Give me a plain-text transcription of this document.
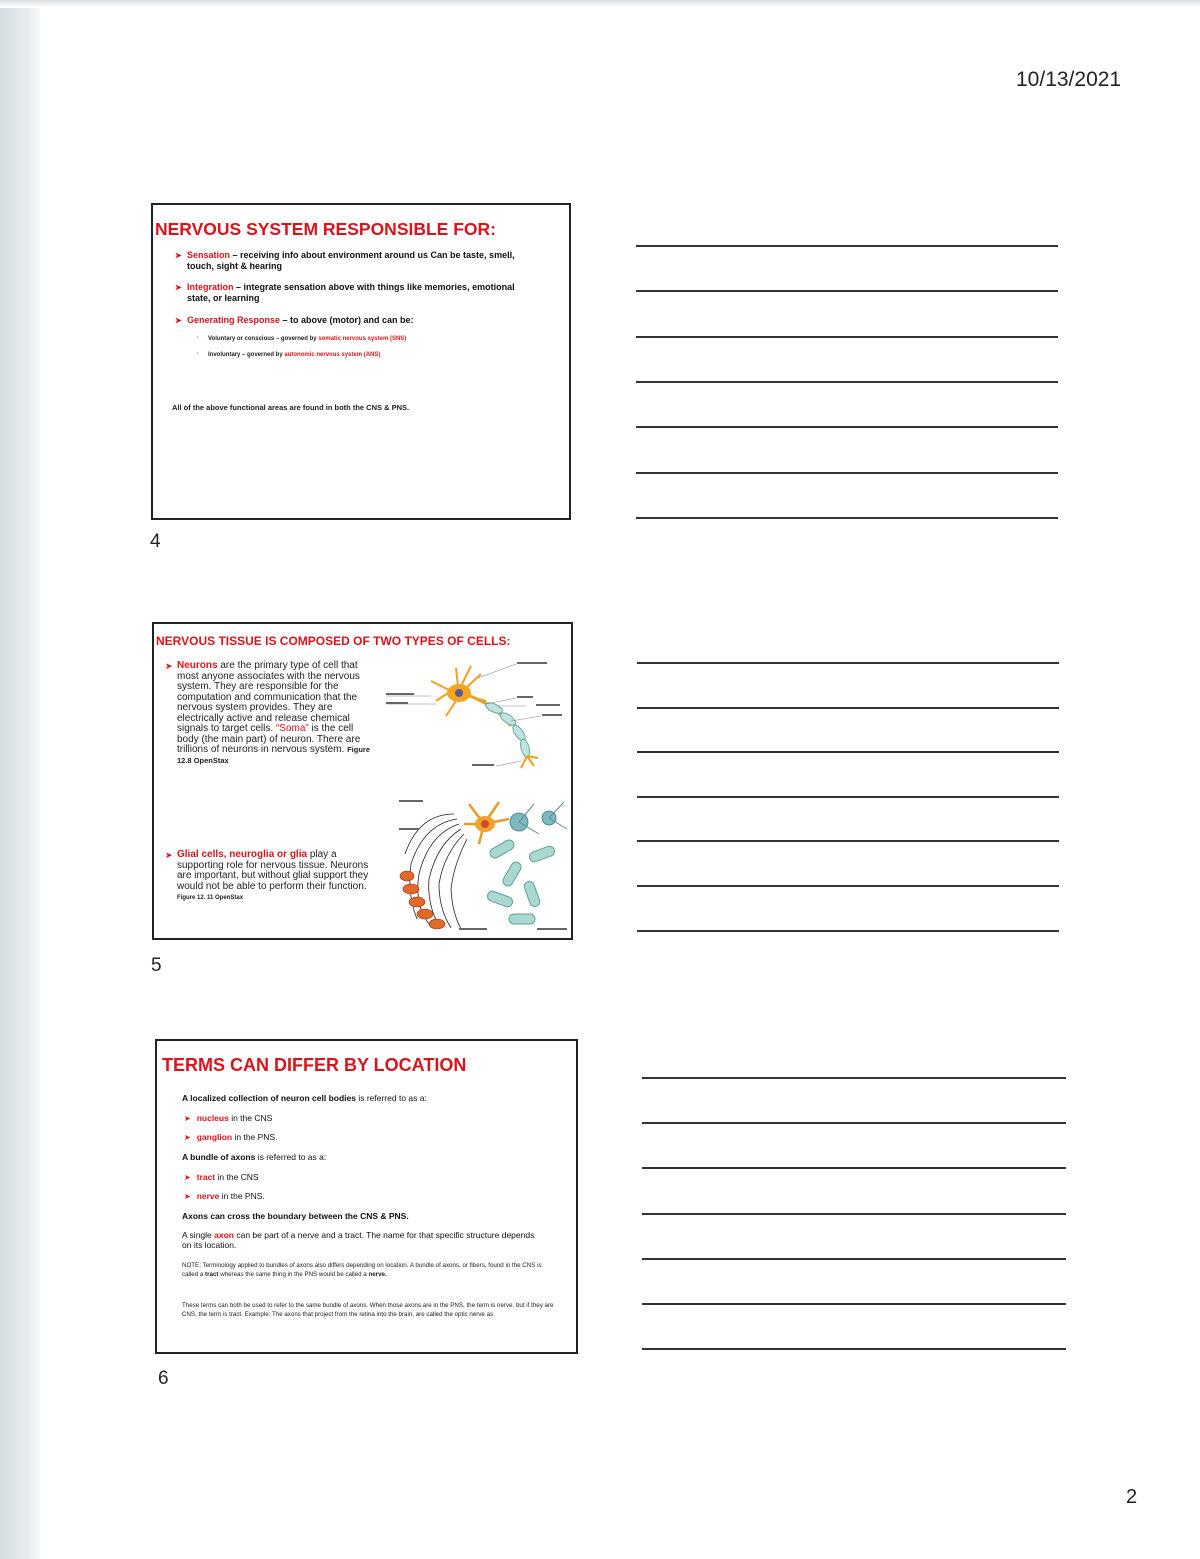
10/13/2021
NERVOUS SYSTEM RESPONSIBLE FOR:
➤ Sensation – receiving info about environment around us Can be taste, smell, touch, sight & hearing
➤ Integration – integrate sensation above with things like memories, emotional state, or learning
➤ Generating Response – to above (motor) and can be:
· Voluntary or conscious – governed by somatic nervous system (SNS)
· Involuntary – governed by autonomic nervous system (ANS)
All of the above functional areas are found in both the CNS & PNS.
4
NERVOUS TISSUE IS COMPOSED OF TWO TYPES OF CELLS:
➤ Neurons are the primary type of cell that most anyone associates with the nervous system. They are responsible for the computation and communication that the nervous system provides. They are electrically active and release chemical signals to target cells. “Soma” is the cell body (the main part) of neuron. There are trillions of neurons in nervous system. Figure 12.8 OpenStax
➤ Glial cells, neuroglia or glia play a supporting role for nervous tissue. Neurons are important, but without glial support they would not be able to perform their function. Figure 12. 11 OpenStax
5
TERMS CAN DIFFER BY LOCATION
A localized collection of neuron cell bodies is referred to as a:
➤ nucleus in the CNS
➤ ganglion in the PNS.
A bundle of axons is referred to as a:
➤ tract in the CNS
➤ nerve in the PNS.
Axons can cross the boundary between the CNS & PNS.
A single axon can be part of a nerve and a tract. The name for that specific structure depends on its location.
NOTE: Terminology applied to bundles of axons also differs depending on location. A bundle of axons, or fibers, found in the CNS is called a tract whereas the same thing in the PNS would be called a nerve.
These terms can both be used to refer to the same bundle of axons. When those axons are in the PNS, the term is nerve, but if they are CNS, the term is tract. Example: The axons that project from the retina into the brain, are called the optic nerve as
6
2
